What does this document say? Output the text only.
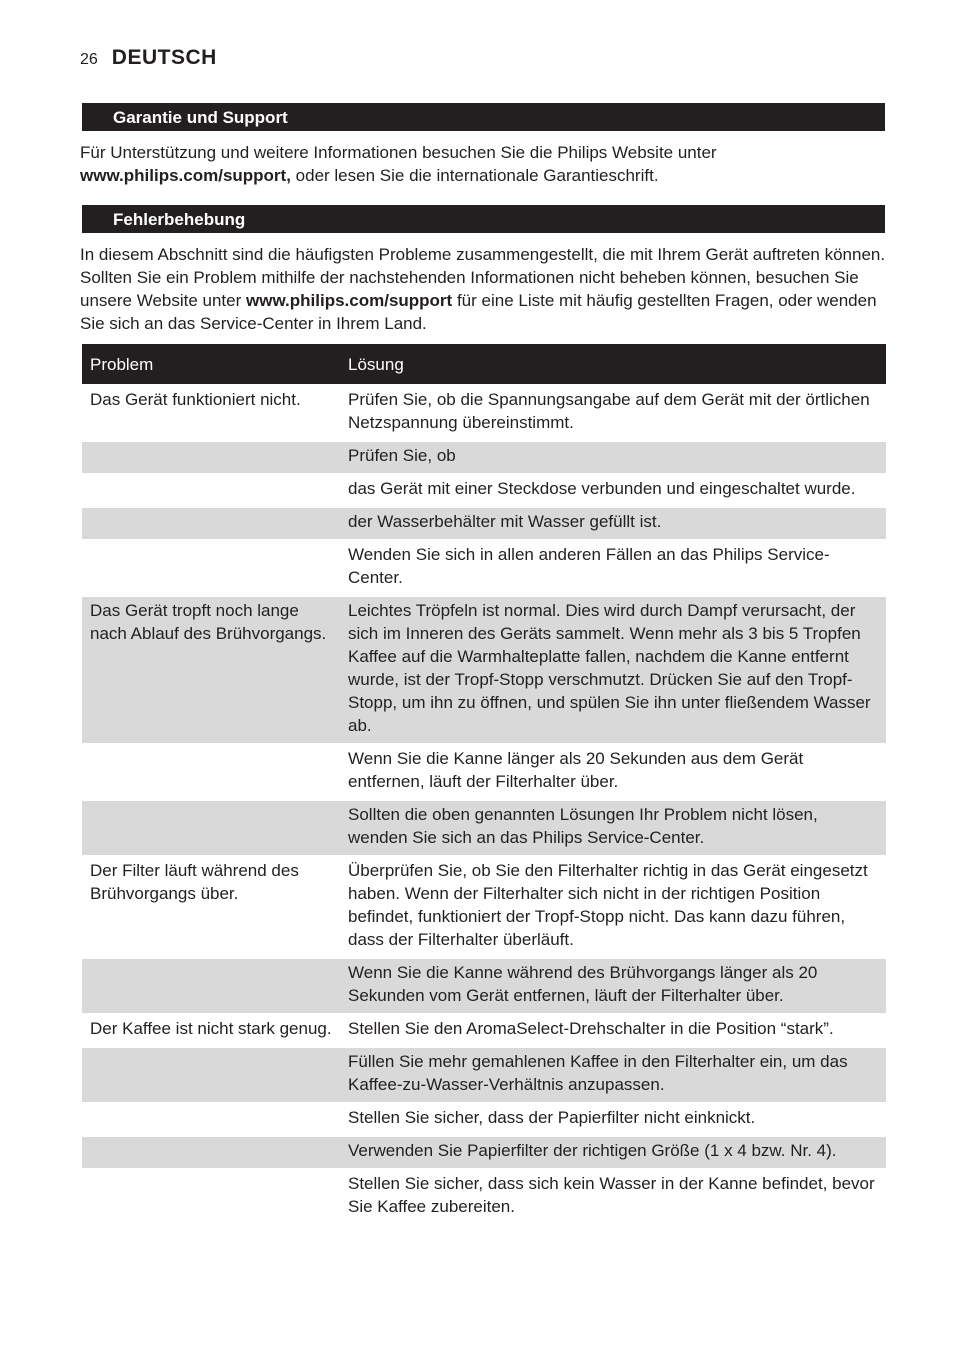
26 DEUTSCH
Garantie und Support

Für Unterstützung und weitere Informationen besuchen Sie die Philips Website unter
www.philips.com/support, oder lesen Sie die internationale Garantieschrift.

Fehlerbehebung

In diesem Abschnitt sind die häufigsten Probleme zusammengestellt, die mit Ihrem Gerät auftreten können. Sollten Sie ein Problem mithilfe der nachstehenden Informationen nicht beheben können, besuchen Sie unsere Website unter www.philips.com/support für eine Liste mit häufig gestellten Fragen, oder wenden Sie sich an das Service-Center in Ihrem Land.

Problem	Lösung
Das Gerät funktioniert nicht.	Prüfen Sie, ob die Spannungsangabe auf dem Gerät mit der örtlichen Netzspannung übereinstimmt.
	Prüfen Sie, ob
	das Gerät mit einer Steckdose verbunden und eingeschaltet wurde.
	der Wasserbehälter mit Wasser gefüllt ist.
	Wenden Sie sich in allen anderen Fällen an das Philips Service-Center.
Das Gerät tropft noch lange nach Ablauf des Brühvorgangs.	Leichtes Tröpfeln ist normal. Dies wird durch Dampf verursacht, der sich im Inneren des Geräts sammelt. Wenn mehr als 3 bis 5 Tropfen Kaffee auf die Warmhalteplatte fallen, nachdem die Kanne entfernt wurde, ist der Tropf-Stopp verschmutzt. Drücken Sie auf den Tropf-Stopp, um ihn zu öffnen, und spülen Sie ihn unter fließendem Wasser ab.
	Wenn Sie die Kanne länger als 20 Sekunden aus dem Gerät entfernen, läuft der Filterhalter über.
	Sollten die oben genannten Lösungen Ihr Problem nicht lösen, wenden Sie sich an das Philips Service-Center.
Der Filter läuft während des Brühvorgangs über.	Überprüfen Sie, ob Sie den Filterhalter richtig in das Gerät eingesetzt haben. Wenn der Filterhalter sich nicht in der richtigen Position befindet, funktioniert der Tropf-Stopp nicht. Das kann dazu führen, dass der Filterhalter überläuft.
	Wenn Sie die Kanne während des Brühvorgangs länger als 20 Sekunden vom Gerät entfernen, läuft der Filterhalter über.
Der Kaffee ist nicht stark genug.	Stellen Sie den AromaSelect-Drehschalter in die Position “stark”.
	Füllen Sie mehr gemahlenen Kaffee in den Filterhalter ein, um das Kaffee-zu-Wasser-Verhältnis anzupassen.
	Stellen Sie sicher, dass der Papierfilter nicht einknickt.
	Verwenden Sie Papierfilter der richtigen Größe (1 x 4 bzw. Nr. 4).
	Stellen Sie sicher, dass sich kein Wasser in der Kanne befindet, bevor Sie Kaffee zubereiten.
